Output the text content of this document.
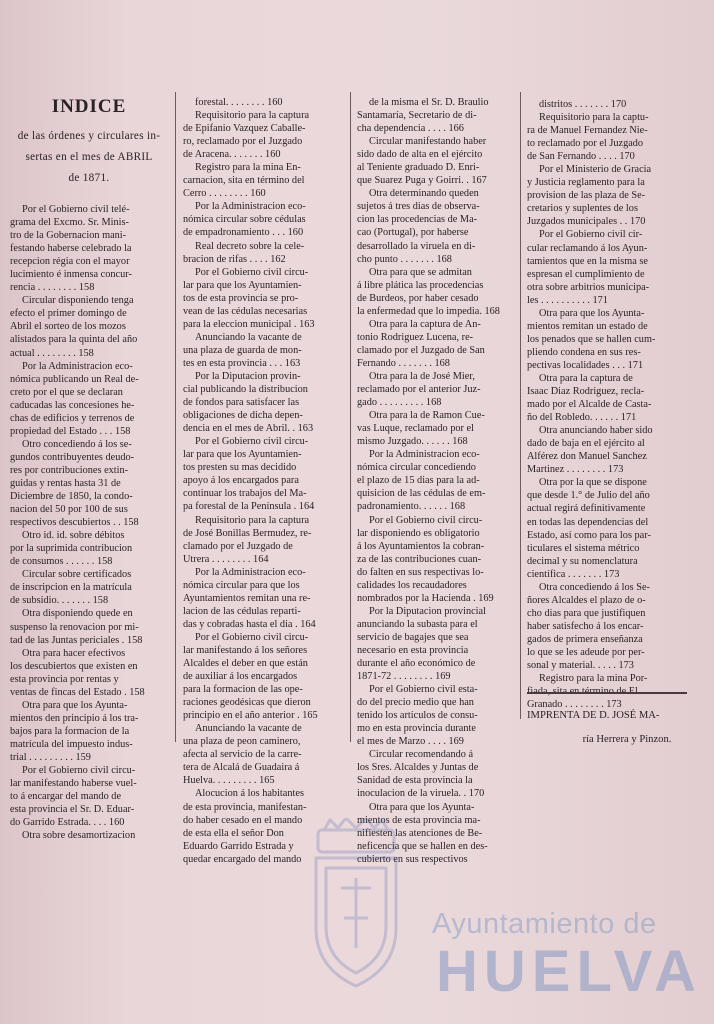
INDICE

de las órdenes y circulares in-
sertas en el mes de ABRIL
de 1871.

Por el Gobierno civil telé-
grama del Excmo. Sr. Minis-
tro de la Gobernacion mani-
festando haberse celebrado la
recepcion régia con el mayor
lucimiento é inmensa concur-
rencia . . . . . . . . 158

Circular disponiendo tenga
efecto el primer domingo de
Abril el sorteo de los mozos
alistados para la quinta del año
actual . . . . . . . . 158

Por la Administracion eco-
nómica publicando un Real de-
creto por el que se declaran
caducadas las concesiones he-
chas de edificios y terrenos de
propiedad del Estado . . . 158

Otro concediendo á los se-
gundos contribuyentes deudo-
res por contribuciones extin-
guidas y rentas hasta 31 de
Diciembre de 1850, la condo-
nacion del 50 por 100 de sus
respectivos descubiertos . . 158

Otro id. id. sobre débitos
por la suprimida contribucion
de consumos . . . . . . 158

Circular sobre certificados
de inscripcion en la matrícula
de subsidio. . . . . . . 158

Otra disponiendo quede en
suspenso la renovacion por mi-
tad de las Juntas periciales . 158

Otra para hacer efectivos
los descubiertos que existen en
esta provincia por rentas y
ventas de fincas del Estado . 158

Otra para que los Ayunta-
mientos den principio á los tra-
bajos para la formacion de la
matrícula del impuesto indus-
trial . . . . . . . . . 159

Por el Gobierno civil circu-
lar manifestando haberse vuel-
to á encargar del mando de
esta provincia el Sr. D. Eduar-
do Garrido Estrada. . . . 160

Otra sobre desamortizacion

forestal. . . . . . . . 160

Requisitorio para la captura
de Epifanio Vazquez Caballe-
ro, reclamado por el Juzgado
de Aracena. . . . . . . 160

Registro para la mina En-
carnacion, sita en término del
Cerro . . . . . . . . 160

Por la Administracion eco-
nómica circular sobre cédulas
de empadronamiento . . . 160

Real decreto sobre la cele-
bracion de rifas . . . . 162

Por el Gobierno civil circu-
lar para que los Ayuntamien-
tos de esta provincia se pro-
vean de las cédulas necesarias
para la eleccion municipal . 163

Anunciando la vacante de
una plaza de guarda de mon-
tes en esta provincia . . . 163

Por la Diputacion provin-
cial publicando la distribucion
de fondos para satisfacer las
obligaciones de dicha depen-
dencia en el mes de Abril. . 163

Por el Gobierno civil circu-
lar para que los Ayuntamien-
tos presten su mas decidido
apoyo á los encargados para
continuar los trabajos del Ma-
pa forestal de la Península . 164

Requisitorio para la captura
de José Bonillas Bermudez, re-
clamado por el Juzgado de
Utrera . . . . . . . . 164

Por la Administracion eco-
nómica circular para que los
Ayuntamientos remitan una re-
lacion de las cédulas reparti-
das y cobradas hasta el dia . 164

Por el Gobierno civil circu-
lar manifestando á los señores
Alcaldes el deber en que están
de auxiliar á los encargados
para la formacion de las ope-
raciones geodésicas que dieron
principio en el año anterior . 165

Anunciando la vacante de
una plaza de peon caminero,
afecta al servicio de la carre-
tera de Alcalá de Guadaira á
Huelva. . . . . . . . . 165

Alocucion á los habitantes
de esta provincia, manifestan-
do haber cesado en el mando
de esta ella el señor Don
Eduardo Garrido Estrada y
quedar encargado del mando

de la misma el Sr. D. Braulio
Santamaría, Secretario de di-
cha dependencia . . . . 166

Circular manifestando haber
sido dado de alta en el ejército
al Teniente graduado D. Enri-
que Suarez Puga y Goirri. . 167

Otra determinando queden
sujetos á tres dias de observa-
cion las procedencias de Ma-
cao (Portugal), por haberse
desarrollado la viruela en di-
cho punto . . . . . . . 168

Otra para que se admitan
á libre plática las procedencias
de Burdeos, por haber cesado
la enfermedad que lo impedia. 168

Otra para la captura de An-
tonio Rodriguez Lucena, re-
clamado por el Juzgado de San
Fernando . . . . . . . 168

Otra para la de José Mier,
reclamado por el anterior Juz-
gado . . . . . . . . . 168

Otra para la de Ramon Cue-
vas Luque, reclamado por el
mismo Juzgado. . . . . . 168

Por la Administracion eco-
nómica circular concediendo
el plazo de 15 dias para la ad-
quisicion de las cédulas de em-
padronamiento. . . . . . 168

Por el Gobierno civil circu-
lar disponiendo es obligatorio
á los Ayuntamientos la cobran-
za de las contribuciones cuan-
do falten en sus respectivas lo-
calidades los recaudadores
nombrados por la Hacienda . 169

Por la Diputacion provincial
anunciando la subasta para el
servicio de bagajes que sea
necesario en esta provincia
durante el año económico de
1871-72 . . . . . . . . 169

Por el Gobierno civil esta-
do del precio medio que han
tenido los artículos de consu-
mo en esta provincia durante
el mes de Marzo . . . . 169

Circular recomendando á
los Sres. Alcaldes y Juntas de
Sanidad de esta provincia la
inoculacion de la viruela. . 170

Otra para que los Ayunta-
mientos de esta provincia ma-
nifiesten las atenciones de Be-
neficencia que se hallen en des-
cubierto en sus respectivos

distritos . . . . . . . 170

Requisitorio para la captu-
ra de Manuel Fernandez Nie-
to reclamado por el Juzgado
de San Fernando . . . . 170

Por el Ministerio de Gracia
y Justicia reglamento para la
provision de las plaza de Se-
cretarios y suplentes de los
Juzgados municipales . . 170

Por el Gobierno civil cir-
cular reclamando á los Ayun-
tamientos que en la misma se
espresan el cumplimiento de
otra sobre arbitrios municipa-
les . . . . . . . . . . 171

Otra para que los Ayunta-
mientos remitan un estado de
los penados que se hallen cum-
pliendo condena en sus res-
pectivas localidades . . . 171

Otra para la captura de
Isaac Diaz Rodriguez, recla-
mado por el Alcalde de Casta-
ño del Robledo. . . . . . 171

Otra anunciando haber sido
dado de baja en el ejército al
Alférez don Manuel Sanchez
Martinez . . . . . . . . 173

Otra por la que se dispone
que desde 1.° de Julio del año
actual regirá definitivamente
en todas las dependencias del
Estado, así como para los par-
ticulares el sistema métrico
decimal y su nomenclatura
científica . . . . . . . 173

Otra concediendo á los Se-
ñores Alcaldes el plazo de o-
cho dias para que justifiquen
haber satisfecho á los encar-
gados de primera enseñanza
lo que se les adeude por per-
sonal y material. . . . . 173

Registro para la mina Por-
fiada, sita en término de El
Granado . . . . . . . . 173

IMPRENTA DE D. JOSÉ MA-
ría Herrera y Pinzon.
Ayuntamiento de
HUELVA
